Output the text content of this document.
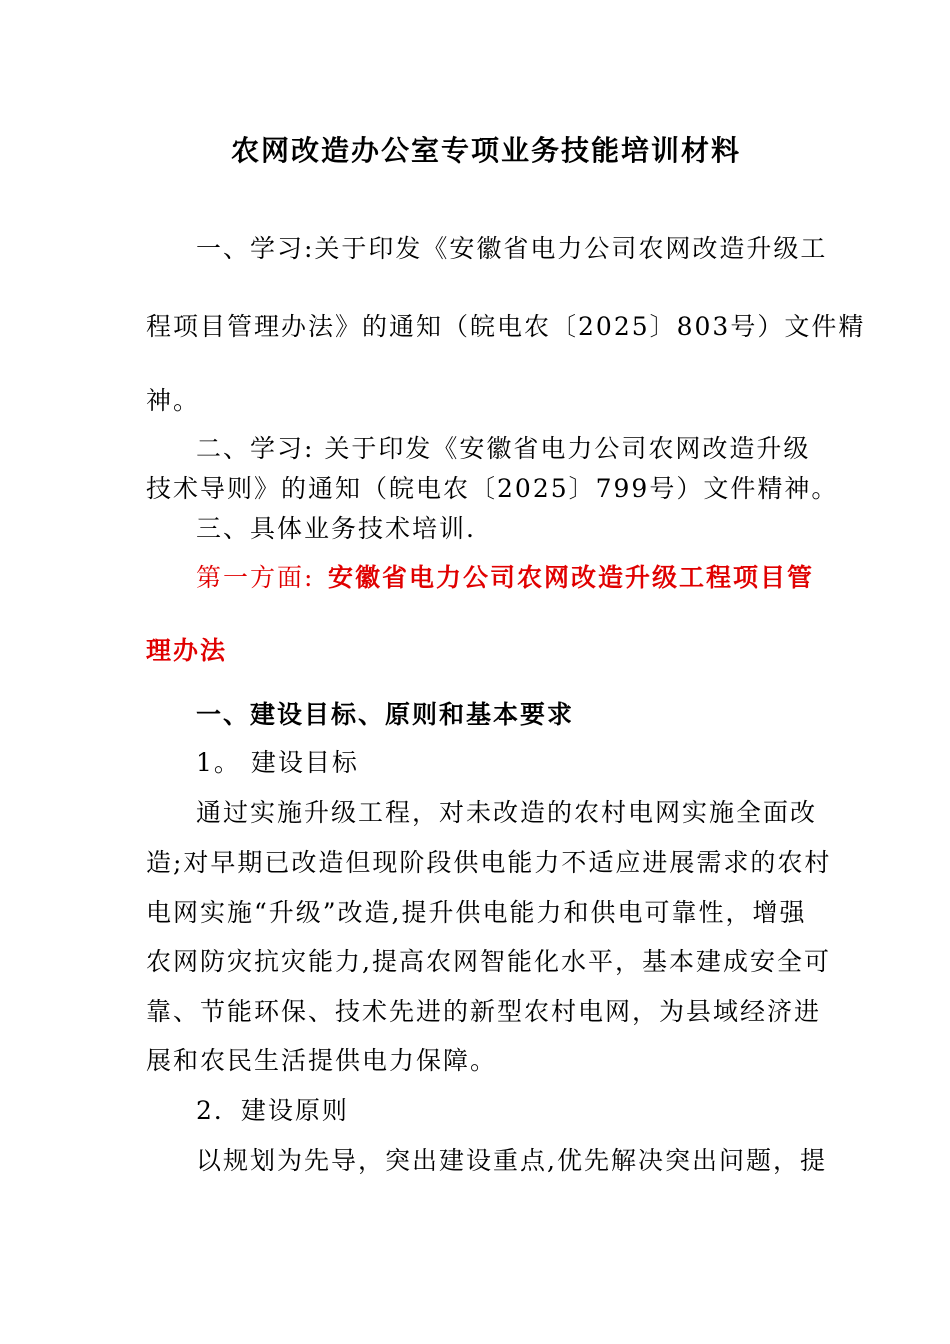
农网改造办公室专项业务技能培训材料
一、学习:关于印发《安徽省电力公司农网改造升级工
程项目管理办法》的通知（皖电农〔2025〕803号）文件精
神。
二、学习: 关于印发《安徽省电力公司农网改造升级
技术导则》的通知（皖电农〔2025〕799号）文件精神。
三、具体业务技术培训.
第一方面: 安徽省电力公司农网改造升级工程项目管
理办法
一、建设目标、原则和基本要求
1。 建设目标
通过实施升级工程，对未改造的农村电网实施全面改
造;对早期已改造但现阶段供电能力不适应进展需求的农村
电网实施“升级”改造,提升供电能力和供电可靠性，增强
农网防灾抗灾能力,提高农网智能化水平，基本建成安全可
靠、节能环保、技术先进的新型农村电网，为县域经济进
展和农民生活提供电力保障。
2．建设原则
以规划为先导，突出建设重点,优先解决突出问题，提
